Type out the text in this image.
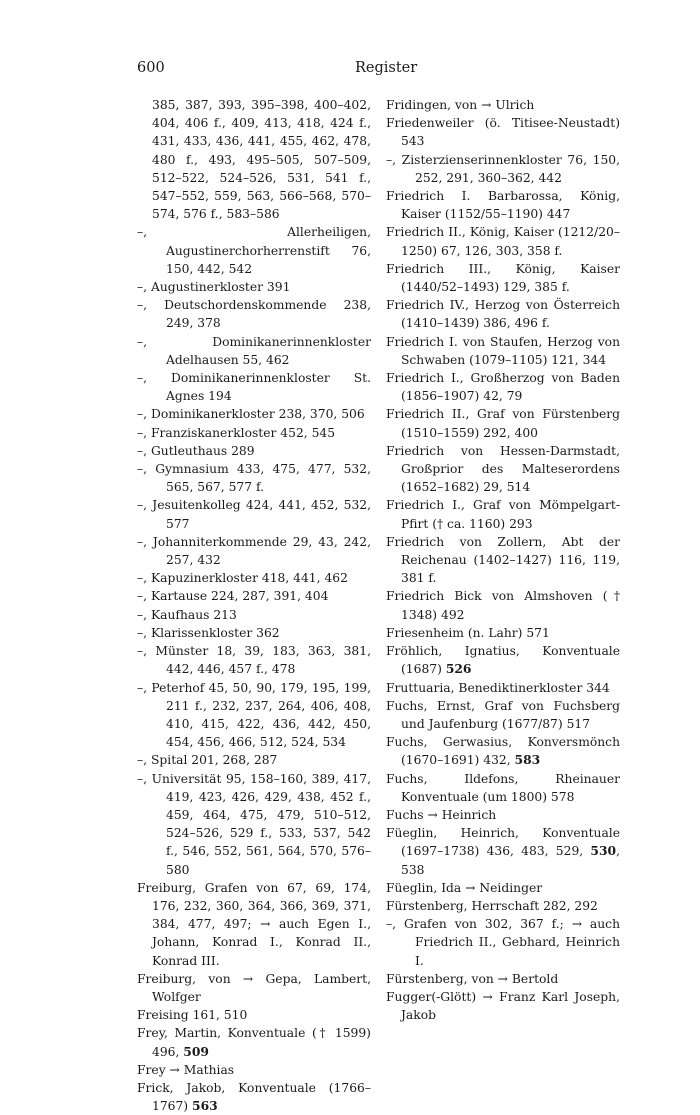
600	Register
385, 387, 393, 395–398, 400–402, 404, 406 f., 409, 413, 418, 424 f., 431, 433, 436, 441, 455, 462, 478, 480 f., 493, 495–505, 507–509, 512–522, 524–526, 531, 541 f., 547–552, 559, 563, 566–568, 570–574, 576 f., 583–586
–, Allerheiligen, Augustinerchorherrenstift 76, 150, 442, 542
–, Augustinerkloster 391
–, Deutschordenskommende 238, 249, 378
–, Dominikanerinnenkloster Adelhausen 55, 462
–, Dominikanerinnenkloster St. Agnes 194
–, Dominikanerkloster 238, 370, 506
–, Franziskanerkloster 452, 545
–, Gutleuthaus 289
–, Gymnasium 433, 475, 477, 532, 565, 567, 577 f.
–, Jesuitenkolleg 424, 441, 452, 532, 577
–, Johanniterkommende 29, 43, 242, 257, 432
–, Kapuzinerkloster 418, 441, 462
–, Kartause 224, 287, 391, 404
–, Kaufhaus 213
–, Klarissenkloster 362
–, Münster 18, 39, 183, 363, 381, 442, 446, 457 f., 478
–, Peterhof 45, 50, 90, 179, 195, 199, 211 f., 232, 237, 264, 406, 408, 410, 415, 422, 436, 442, 450, 454, 456, 466, 512, 524, 534
–, Spital 201, 268, 287
–, Universität 95, 158–160, 389, 417, 419, 423, 426, 429, 438, 452 f., 459, 464, 475, 479, 510–512, 524–526, 529 f., 533, 537, 542 f., 546, 552, 561, 564, 570, 576–580
Freiburg, Grafen von 67, 69, 174, 176, 232, 360, 364, 366, 369, 371, 384, 477, 497; → auch Egen I., Johann, Konrad I., Konrad II., Konrad III.
Freiburg, von → Gepa, Lambert, Wolfger
Freising 161, 510
Frey, Martin, Konventuale († 1599) 496, 509
Frey → Mathias
Frick, Jakob, Konventuale (1766–1767) 563
Fridingen, von → Ulrich
Friedenweiler (ö. Titisee-Neustadt) 543
–, Zisterzienserinnenkloster 76, 150, 252, 291, 360–362, 442
Friedrich I. Barbarossa, König, Kaiser (1152/55–1190) 447
Friedrich II., König, Kaiser (1212/20–1250) 67, 126, 303, 358 f.
Friedrich III., König, Kaiser (1440/52–1493) 129, 385 f.
Friedrich IV., Herzog von Österreich (1410–1439) 386, 496 f.
Friedrich I. von Staufen, Herzog von Schwaben (1079–1105) 121, 344
Friedrich I., Großherzog von Baden (1856–1907) 42, 79
Friedrich II., Graf von Fürstenberg (1510–1559) 292, 400
Friedrich von Hessen-Darmstadt, Großprior des Malteserordens (1652–1682) 29, 514
Friedrich I., Graf von Mömpelgart-Pfirt († ca. 1160) 293
Friedrich von Zollern, Abt der Reichenau (1402–1427) 116, 119, 381 f.
Friedrich Bick von Almshoven († 1348) 492
Friesenheim (n. Lahr) 571
Fröhlich, Ignatius, Konventuale (1687) 526
Fruttuaria, Benediktinerkloster 344
Fuchs, Ernst, Graf von Fuchsberg und Jaufenburg (1677/87) 517
Fuchs, Gerwasius, Konversmönch (1670–1691) 432, 583
Fuchs, Ildefons, Rheinauer Konventuale (um 1800) 578
Fuchs → Heinrich
Füeglin, Heinrich, Konventuale (1697–1738) 436, 483, 529, 530, 538
Füeglin, Ida → Neidinger
Fürstenberg, Herrschaft 282, 292
–, Grafen von 302, 367 f.; → auch Friedrich II., Gebhard, Heinrich I.
Fürstenberg, von → Bertold
Fugger(-Glött) → Franz Karl Joseph, Jakob
